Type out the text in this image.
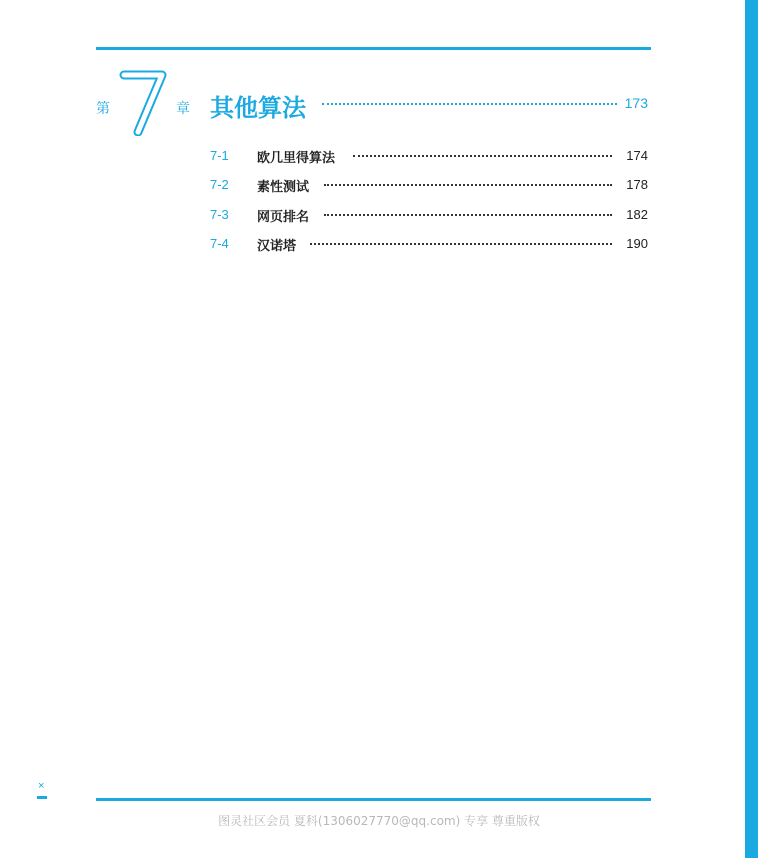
第	章 其他算法	173
7-1 欧几里得算法	174
7-2 素性测试	178
7-3 网页排名	182
7-4 汉诺塔	190
×
图灵社区会员 夏科(1306027770@qq.com) 专享 尊重版权
